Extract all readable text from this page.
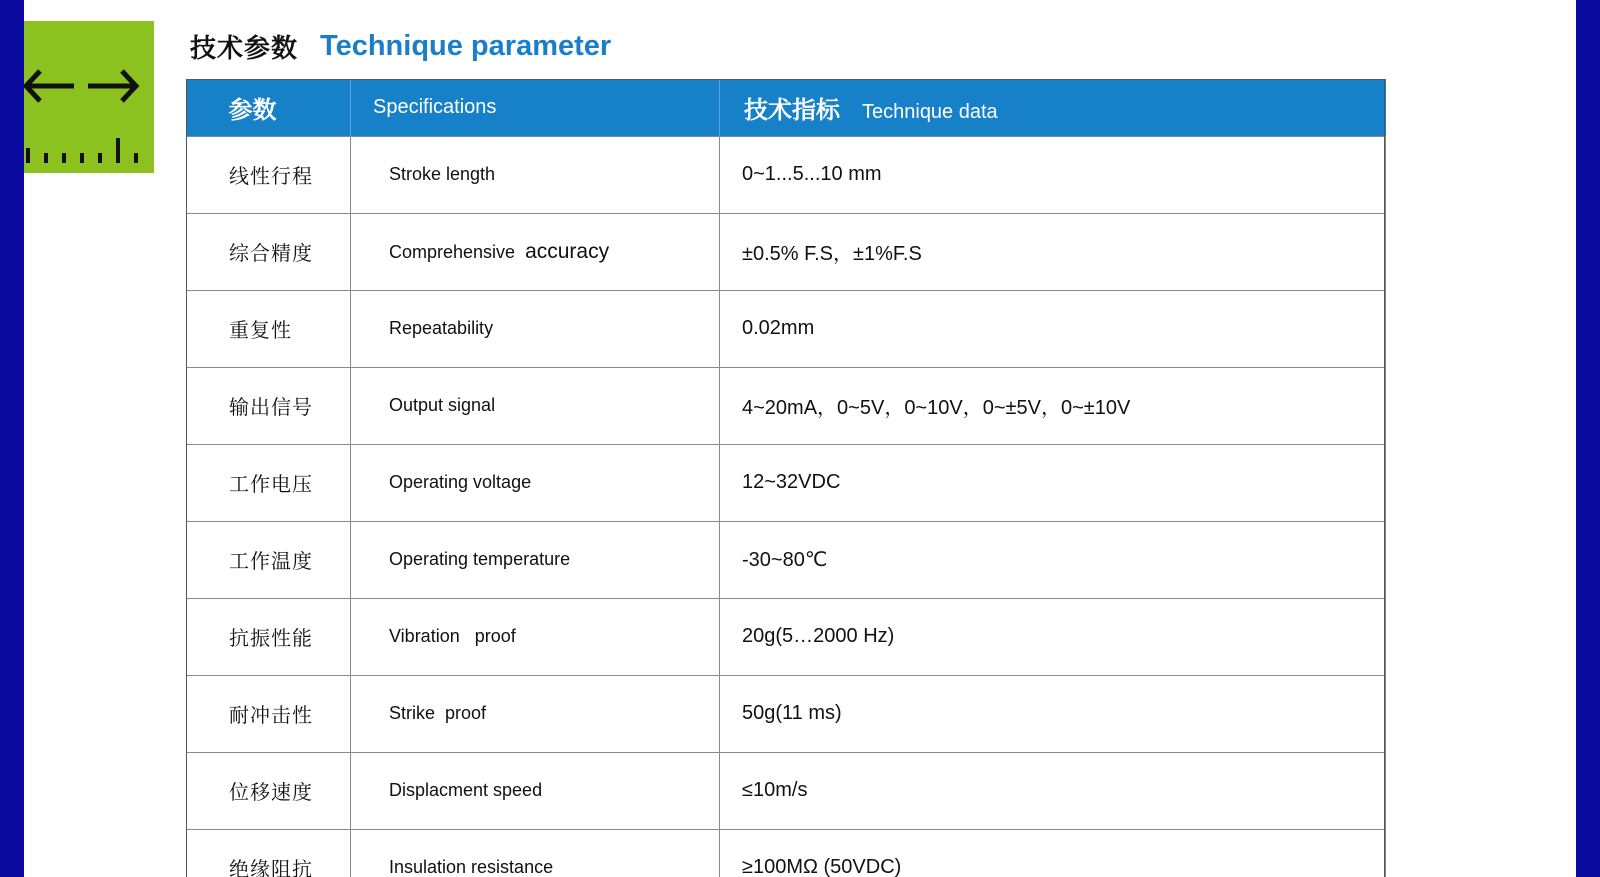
技术参数 Technique parameter
参数	Specifications	技术指标 Technique data
线性行程	Stroke length	0~1...5...10 mm
综合精度	Comprehensive accuracy	±0.5% F.S，±1%F.S
重复性	Repeatability	0.02mm
输出信号	Output signal	4~20mA，0~5V，0~10V，0~±5V，0~±10V
工作电压	Operating voltage	12~32VDC
工作温度	Operating temperature	-30~80℃
抗振性能	Vibration   proof	20g(5…2000 Hz)
耐冲击性	Strike  proof	50g(11 ms)
位移速度	Displacment speed	≤10m/s
绝缘阻抗	Insulation resistance	≥100MΩ (50VDC)
